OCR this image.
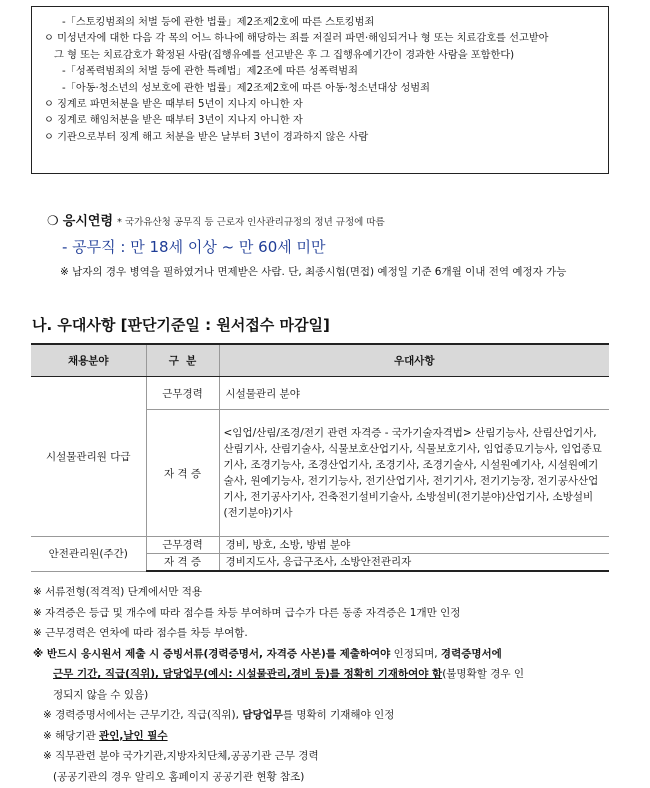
-「스토킹범죄의 처벌 등에 관한 법률」제2조제2호에 따른 스토킹범죄
ㅇ 미성년자에 대한 다음 각 목의 어느 하나에 해당하는 죄를 저질러 파면·해임되거나 형 또는 치료감호를 선고받아
그 형 또는 치료감호가 확정된 사람(집행유예를 선고받은 후 그 집행유예기간이 경과한 사람을 포함한다)
-「성폭력범죄의 처벌 등에 관한 특례법」제2조에 따른 성폭력범죄
-「아동·청소년의 성보호에 관한 법률」제2조제2호에 따른 아동·청소년대상 성범죄
ㅇ 징계로 파면처분을 받은 때부터 5년이 지나지 아니한 자
ㅇ 징계로 해임처분을 받은 때부터 3년이 지나지 아니한 자
ㅇ 기관으로부터 징계 해고 처분을 받은 날부터 3년이 경과하지 않은 사람
❍ 응시연령 * 국가유산청 공무직 등 근로자 인사관리규정의 정년 규정에 따름
- 공무직 : 만 18세 이상 ~ 만 60세 미만
※ 남자의 경우 병역을 필하였거나 면제받은 사람. 단, 최종시험(면접) 예정일 기준 6개월 이내 전역 예정자 가능
나. 우대사항 [판단기준일 : 원서접수 마감일]
채용분야	구  분	우대사항
시설물관리원 다급	근무경력	시설물관리 분야
	자 격 증	<임업/산림/조경/전기 관련 자격증 - 국가기술자격법> 산림기능사, 산림산업기사, 산림기사, 산림기술사, 식물보호산업기사, 식물보호기사, 임업종묘기능사, 임업종묘기사, 조경기능사, 조경산업기사, 조경기사, 조경기술사, 시설원예기사, 시설원예기술사, 원예기능사, 전기기능사, 전기산업기사, 전기기사, 전기기능장, 전기공사산업기사, 전기공사기사, 건축전기설비기술사, 소방설비(전기분야)산업기사, 소방설비(전기분야)기사
안전관리원(주간)	근무경력	경비, 방호, 소방, 방범 분야
	자 격 증	경비지도사, 응급구조사, 소방안전관리자
※ 서류전형(적격적) 단계에서만 적용
※ 자격증은 등급 및 개수에 따라 점수를 차등 부여하며 급수가 다른 동종 자격증은 1개만 인정
※ 근무경력은 연차에 따라 점수를 차등 부여함.
※ 반드시 응시원서 제출 시 증빙서류(경력증명서, 자격증 사본)를 제출하여야 인정되며, 경력증명서에
근무 기간, 직급(직위), 담당업무(예시: 시설물관리,경비 등)를 정확히 기재하여야 함(불명확할 경우 인
정되지 않을 수 있음)
※ 경력증명서에서는 근무기간, 직급(직위), 담당업무를 명확히 기재해야 인정
※ 해당기관 관인,날인 필수
※ 직무관련 분야 국가기관,지방자치단체,공공기관 근무 경력
(공공기관의 경우 알리오 홈페이지 공공기관 현황 참조)
